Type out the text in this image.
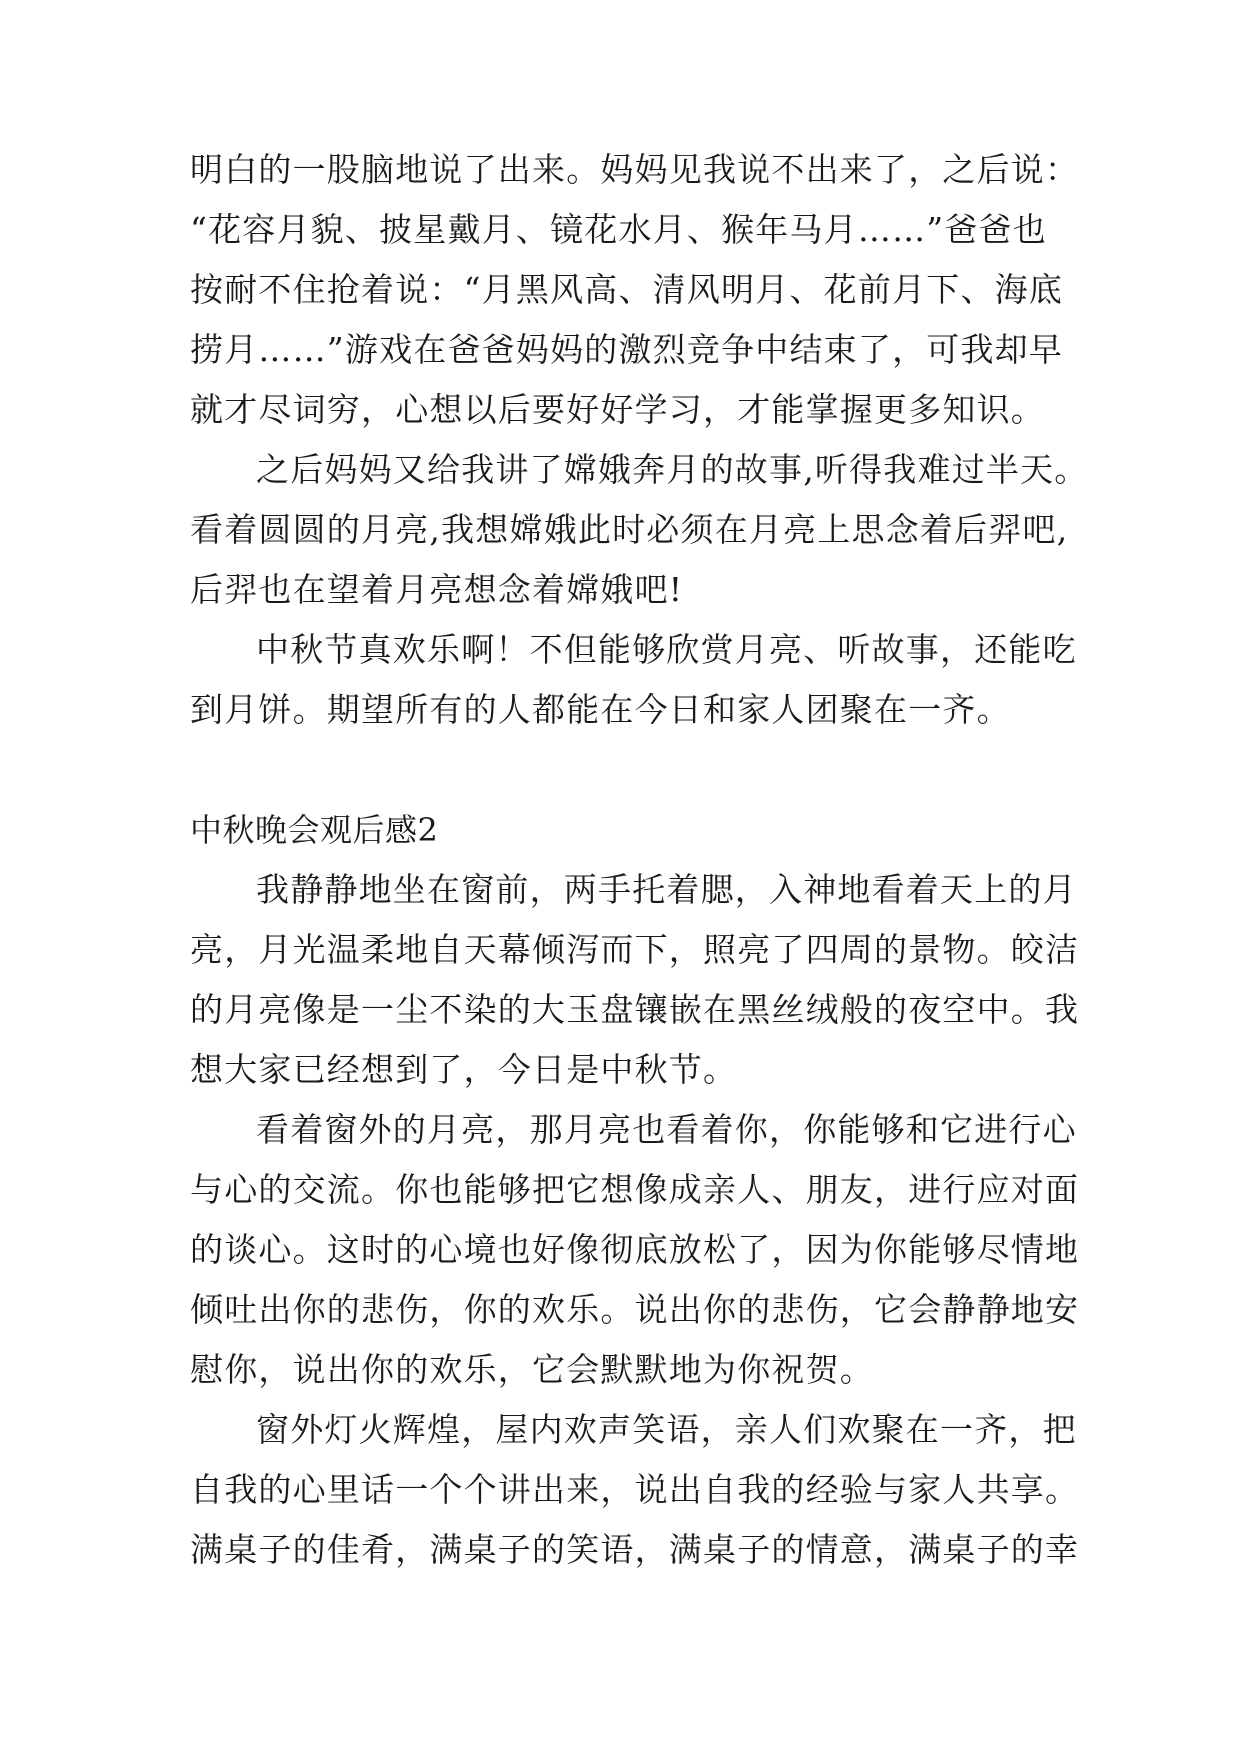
明白的一股脑地说了出来。妈妈见我说不出来了，之后说：
“花容月貌、披星戴月、镜花水月、猴年马月……”爸爸也
按耐不住抢着说：“月黑风高、清风明月、花前月下、海底
捞月……”游戏在爸爸妈妈的激烈竞争中结束了，可我却早
就才尽词穷，心想以后要好好学习，才能掌握更多知识。
之后妈妈又给我讲了嫦娥奔月的故事,听得我难过半天。
看着圆圆的月亮,我想嫦娥此时必须在月亮上思念着后羿吧,
后羿也在望着月亮想念着嫦娥吧!
中秋节真欢乐啊！不但能够欣赏月亮、听故事，还能吃
到月饼。期望所有的人都能在今日和家人团聚在一齐。
中秋晚会观后感2
我静静地坐在窗前，两手托着腮，入神地看着天上的月
亮，月光温柔地自天幕倾泻而下，照亮了四周的景物。皎洁
的月亮像是一尘不染的大玉盘镶嵌在黑丝绒般的夜空中。我
想大家已经想到了，今日是中秋节。
看着窗外的月亮，那月亮也看着你，你能够和它进行心
与心的交流。你也能够把它想像成亲人、朋友，进行应对面
的谈心。这时的心境也好像彻底放松了，因为你能够尽情地
倾吐出你的悲伤，你的欢乐。说出你的悲伤，它会静静地安
慰你，说出你的欢乐，它会默默地为你祝贺。
窗外灯火辉煌，屋内欢声笑语，亲人们欢聚在一齐，把
自我的心里话一个个讲出来，说出自我的经验与家人共享。
满桌子的佳肴，满桌子的笑语，满桌子的情意，满桌子的幸
